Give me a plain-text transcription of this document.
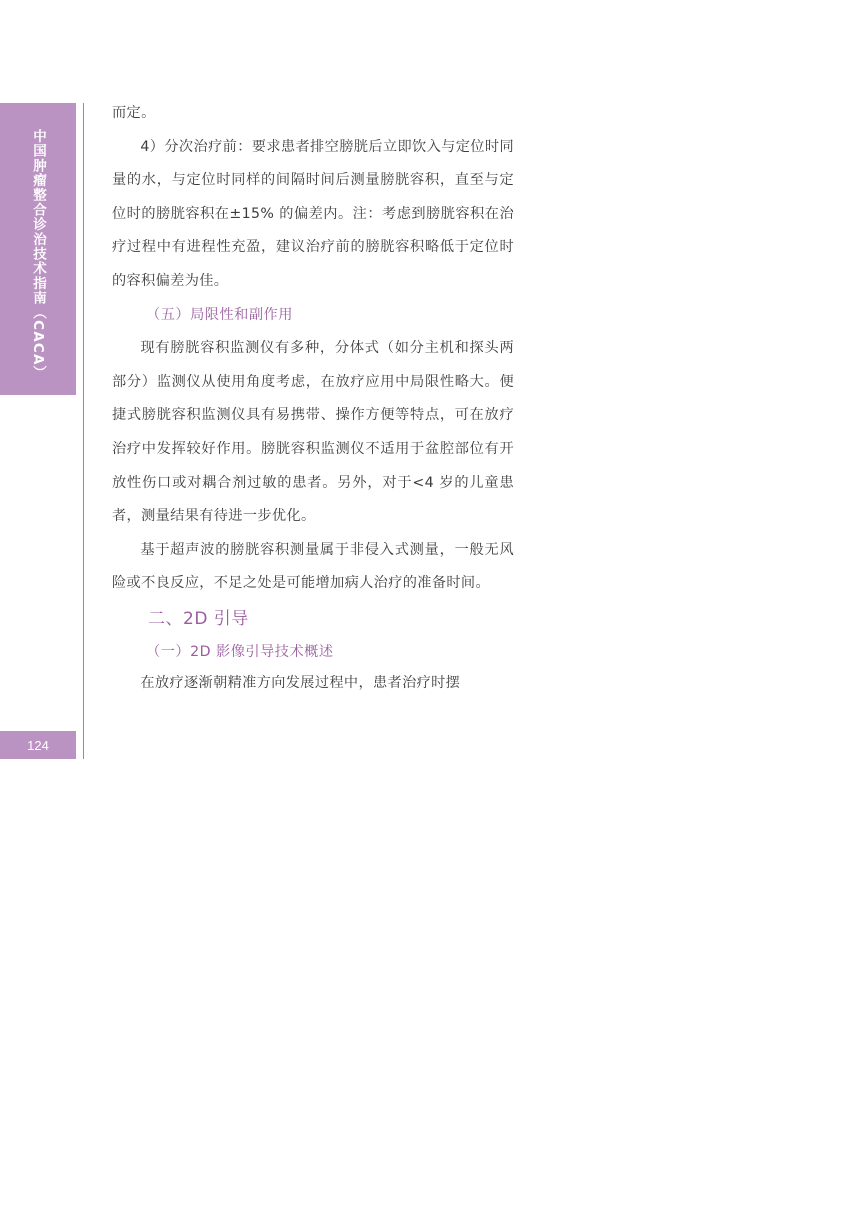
中国肿瘤整合诊治技术指南（CACA）
124

而定。

4）分次治疗前：要求患者排空膀胱后立即饮入与定位时同量的水，与定位时同样的间隔时间后测量膀胱容积，直至与定位时的膀胱容积在±15% 的偏差内。注：考虑到膀胱容积在治疗过程中有进程性充盈，建议治疗前的膀胱容积略低于定位时的容积偏差为佳。

（五）局限性和副作用

现有膀胱容积监测仪有多种，分体式（如分主机和探头两部分）监测仪从使用角度考虑，在放疗应用中局限性略大。便捷式膀胱容积监测仪具有易携带、操作方便等特点，可在放疗治疗中发挥较好作用。膀胱容积监测仪不适用于盆腔部位有开放性伤口或对耦合剂过敏的患者。另外，对于<4 岁的儿童患者，测量结果有待进一步优化。

基于超声波的膀胱容积测量属于非侵入式测量，一般无风险或不良反应，不足之处是可能增加病人治疗的准备时间。

二、2D 引导

（一）2D 影像引导技术概述

在放疗逐渐朝精准方向发展过程中，患者治疗时摆
